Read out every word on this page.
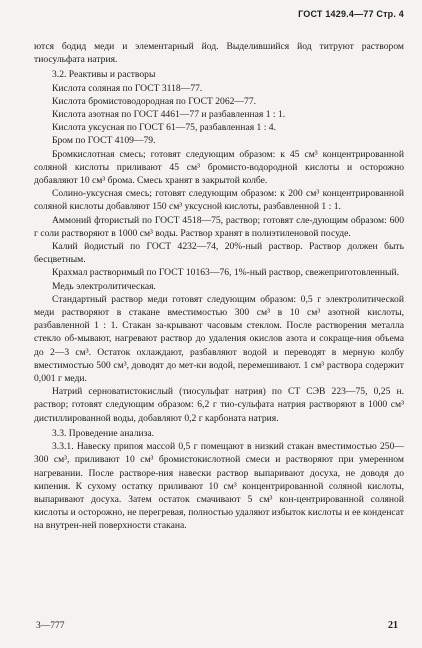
ГОСТ 1429.4—77 Стр. 4

ются бодид меди и элементарный йод. Выделившийся йод титруют раствором тиосульфата натрия.

3.2. Реактивы и растворы

Кислота соляная по ГОСТ 3118—77.

Кислота бромистоводородная по ГОСТ 2062—77.

Кислота азотная по ГОСТ 4461—77 и разбавленная 1 : 1.

Кислота уксусная по ГОСТ 61—75, разбавленная 1 : 4.

Бром по ГОСТ 4109—79.

Бромкислотная смесь; готовят следующим образом: к 45 см³ концентрированной соляной кислоты приливают 45 см³ бромисто-водородной кислоты и осторожно добавляют 10 см³ брома. Смесь хранят в закрытой колбе.

Солино-уксусная смесь; готовят следующим образом: к 200 см³ концентрированной соляной кислоты добавляют 150 см³ уксусной кислоты, разбавленной 1 : 1.

Аммоний фтористый по ГОСТ 4518—75, раствор; готовят сле-дующим образом: 600 г соли растворяют в 1000 см³ воды. Раствор хранят в полиэтиленовой посуде.

Калий йодистый по ГОСТ 4232—74, 20%-ный раствор. Раствор должен быть бесцветным.

Крахмал растворимый по ГОСТ 10163—76, 1%-ный раствор, свежеприготовленный.

Медь электролитическая.

Стандартный раствор меди готовят следующим образом: 0,5 г электролитической меди растворяют в стакане вместимостью 300 см³ в 10 см³ азотной кислоты, разбавленной 1 : 1. Стакан за-крывают часовым стеклом. После растворения металла стекло об-мывают, нагревают раствор до удаления окислов азота и сокраще-ния объема до 2—3 см³. Остаток охлаждают, разбавляют водой и переводят в мерную колбу вместимостью 500 см³, доводят до мет-ки водой, перемешивают. 1 см³ раствора содержит 0,001 г меди.

Натрий серноватистокислый (тиосульфат натрия) по СТ СЭВ 223—75, 0,25 н. раствор; готовят следующим образом: 6,2 г тио-сульфата натрия растворяют в 1000 см³ дистиллированной воды, добавляют 0,2 г карбоната натрия.

3.3. Проведение анализа.

3.3.1. Навеску припоя массой 0,5 г помещают в низкий стакан вместимостью 250—300 см³, приливают 10 см³ бромистокислотной смеси и растворяют при умеренном нагревании. После растворе-ния навески раствор выпаривают досуха, не доводя до кипения. К сухому остатку приливают 10 см³ концентрированной соляной кислоты, выпаривают досуха. Затем остаток смачивают 5 см³ кон-центрированной соляной кислоты и осторожно, не перегревая, полностью удаляют избыток кислоты и ее конденсат на внутрен-ней поверхности стакана.

3—777	21
